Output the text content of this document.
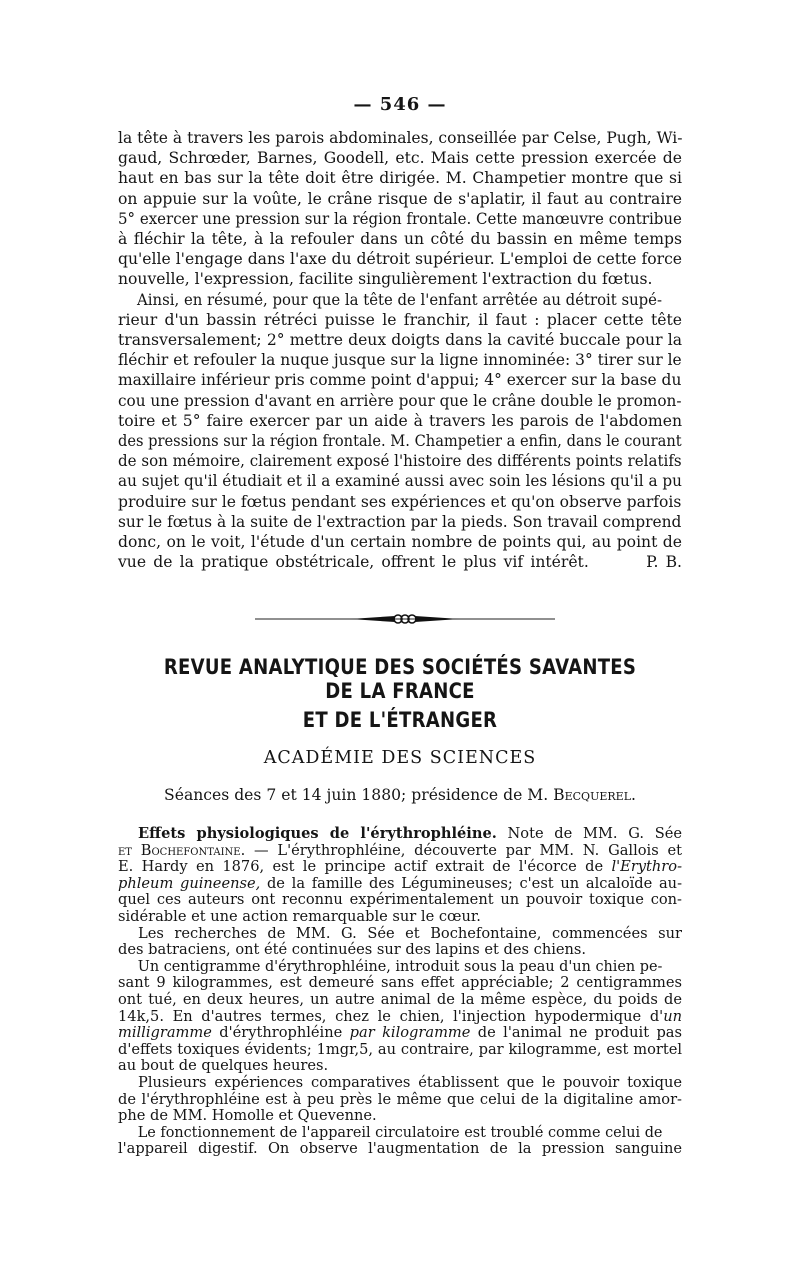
— 546 —
la tête à travers les parois abdominales, conseillée par Celse, Pugh, Wi-
gaud, Schrœder, Barnes, Goodell, etc. Mais cette pression exercée de
haut en bas sur la tête doit être dirigée. M. Champetier montre que si
on appuie sur la voûte, le crâne risque de s'aplatir, il faut au contraire
5° exercer une pression sur la région frontale. Cette manœuvre contribue
à fléchir la tête, à la refouler dans un côté du bassin en même temps
qu'elle l'engage dans l'axe du détroit supérieur. L'emploi de cette force
nouvelle, l'expression, facilite singulièrement l'extraction du fœtus.
Ainsi, en résumé, pour que la tête de l'enfant arrêtée au détroit supé-
rieur d'un bassin rétréci puisse le franchir, il faut : placer cette tête
transversalement; 2° mettre deux doigts dans la cavité buccale pour la
fléchir et refouler la nuque jusque sur la ligne innominée: 3° tirer sur le
maxillaire inférieur pris comme point d'appui; 4° exercer sur la base du
cou une pression d'avant en arrière pour que le crâne double le promon-
toire et 5° faire exercer par un aide à travers les parois de l'abdomen
des pressions sur la région frontale. M. Champetier a enfin, dans le courant
de son mémoire, clairement exposé l'histoire des différents points relatifs
au sujet qu'il étudiait et il a examiné aussi avec soin les lésions qu'il a pu
produire sur le fœtus pendant ses expériences et qu'on observe parfois
sur le fœtus à la suite de l'extraction par la pieds. Son travail comprend
donc, on le voit, l'étude d'un certain nombre de points qui, au point de
vue de la pratique obstétricale, offrent le plus vif intérêt.	P. B.
REVUE ANALYTIQUE DES SOCIÉTÉS SAVANTES DE LA FRANCE
ET DE L'ÉTRANGER
ACADÉMIE DES SCIENCES
Séances des 7 et 14 juin 1880; présidence de M. Becquerel.
Effets physiologiques de l'érythrophléine. Note de MM. G. Sée
et Bochefontaine. — L'érythrophléine, découverte par MM. N. Gallois et
E. Hardy en 1876, est le principe actif extrait de l'écorce de l'Erythro-
phleum guineense, de la famille des Légumineuses; c'est un alcaloïde au-
quel ces auteurs ont reconnu expérimentalement un pouvoir toxique con-
sidérable et une action remarquable sur le cœur.
Les recherches de MM. G. Sée et Bochefontaine, commencées sur
des batraciens, ont été continuées sur des lapins et des chiens.
Un centigramme d'érythrophléine, introduit sous la peau d'un chien pe-
sant 9 kilogrammes, est demeuré sans effet appréciable; 2 centigrammes
ont tué, en deux heures, un autre animal de la même espèce, du poids de
14k,5. En d'autres termes, chez le chien, l'injection hypodermique d'un
milligramme d'érythrophléine par kilogramme de l'animal ne produit pas
d'effets toxiques évidents; 1mgr,5, au contraire, par kilogramme, est mortel
au bout de quelques heures.
Plusieurs expériences comparatives établissent que le pouvoir toxique
de l'érythrophléine est à peu près le même que celui de la digitaline amor-
phe de MM. Homolle et Quevenne.
Le fonctionnement de l'appareil circulatoire est troublé comme celui de
l'appareil digestif. On observe l'augmentation de la pression sanguine
